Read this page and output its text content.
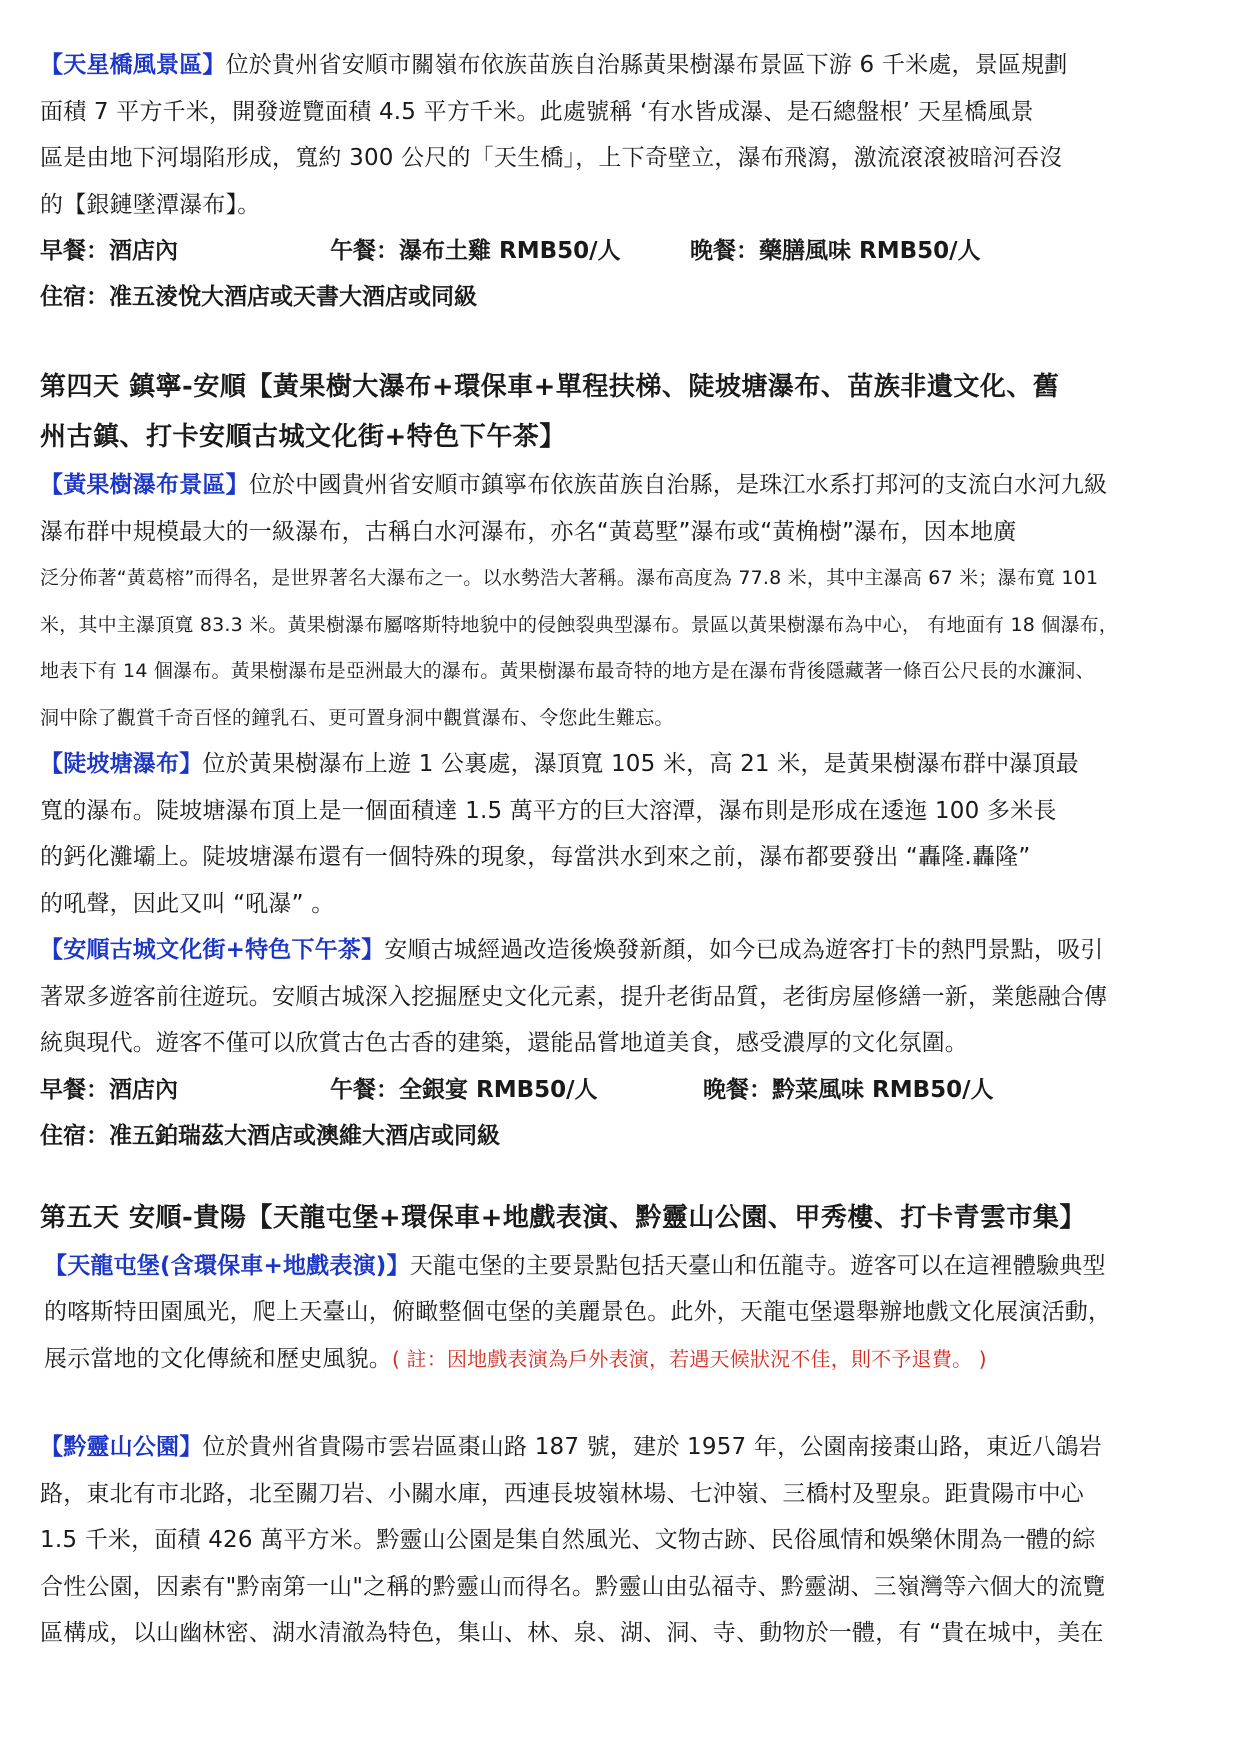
【天星橋風景區】位於貴州省安順市關嶺布依族苗族自治縣黃果樹瀑布景區下游 6 千米處，景區規劃
面積 7 平方千米，開發遊覽面積 4.5 平方千米。此處號稱 ‘有水皆成瀑、是石總盤根’ 天星橋風景
區是由地下河塌陷形成，寬約 300 公尺的「天生橋」，上下奇壁立，瀑布飛瀉，激流滾滾被暗河吞沒
的【銀鏈墜潭瀑布】。

早餐：酒店內	午餐：瀑布土雞 RMB50/人	晚餐：藥膳風味 RMB50/人

住宿：准五淩悅大酒店或天書大酒店或同級

第四天 鎮寧-安順【黃果樹大瀑布+環保車+單程扶梯、陡坡塘瀑布、苗族非遺文化、舊
州古鎮、打卡安順古城文化街+特色下午茶】

【黃果樹瀑布景區】位於中國貴州省安順市鎮寧布依族苗族自治縣，是珠江水系打邦河的支流白水河九級
瀑布群中規模最大的一級瀑布，古稱白水河瀑布，亦名“黃葛墅”瀑布或“黃桷樹”瀑布，因本地廣

泛分佈著“黃葛榕”而得名，是世界著名大瀑布之一。以水勢浩大著稱。瀑布高度為 77.8 米，其中主瀑高 67 米；瀑布寬 101
米，其中主瀑頂寬 83.3 米。黃果樹瀑布屬喀斯特地貌中的侵蝕裂典型瀑布。景區以黃果樹瀑布為中心， 有地面有 18 個瀑布，
地表下有 14 個瀑布。黃果樹瀑布是亞洲最大的瀑布。黃果樹瀑布最奇特的地方是在瀑布背後隱藏著一條百公尺長的水濂洞、
洞中除了觀賞千奇百怪的鐘乳石、更可置身洞中觀賞瀑布、令您此生難忘。

【陡坡塘瀑布】位於黃果樹瀑布上遊 1 公裏處，瀑頂寬 105 米，高 21 米，是黃果樹瀑布群中瀑頂最
寬的瀑布。陡坡塘瀑布頂上是一個面積達 1.5 萬平方的巨大溶潭，瀑布則是形成在逶迤 100 多米長
的鈣化灘壩上。陡坡塘瀑布還有一個特殊的現象，每當洪水到來之前，瀑布都要發出 “轟隆.轟隆”
的吼聲，因此又叫 “吼瀑” 。

【安順古城文化街+特色下午茶】安順古城經過改造後煥發新顏，如今已成為遊客打卡的熱門景點，吸引
著眾多遊客前往遊玩。安順古城深入挖掘歷史文化元素，提升老街品質，老街房屋修繕一新，業態融合傳
統與現代。遊客不僅可以欣賞古色古香的建築，還能品嘗地道美食，感受濃厚的文化氛圍。

早餐：酒店內	午餐：全銀宴 RMB50/人	晚餐：黔菜風味 RMB50/人

住宿：准五鉑瑞茲大酒店或澳維大酒店或同級

第五天 安順-貴陽【天龍屯堡+環保車+地戲表演、黔靈山公園、甲秀樓、打卡青雲市集】

【天龍屯堡(含環保車+地戲表演)】天龍屯堡的主要景點包括天臺山和伍龍寺。遊客可以在這裡體驗典型
的喀斯特田園風光，爬上天臺山，俯瞰整個屯堡的美麗景色。此外，天龍屯堡還舉辦地戲文化展演活動，
展示當地的文化傳統和歷史風貌。( 註：因地戲表演為戶外表演，若遇天候狀況不佳，則不予退費。 )

【黔靈山公園】位於貴州省貴陽市雲岩區棗山路 187 號，建於 1957 年，公園南接棗山路，東近八鴿岩
路，東北有市北路，北至關刀岩、小關水庫，西連長坡嶺林場、七沖嶺、三橋村及聖泉。距貴陽市中心
1.5 千米，面積 426 萬平方米。黔靈山公園是集自然風光、文物古跡、民俗風情和娛樂休閒為一體的綜
合性公園，因素有"黔南第一山"之稱的黔靈山而得名。黔靈山由弘福寺、黔靈湖、三嶺灣等六個大的流覽
區構成，以山幽林密、湖水清澈為特色，集山、林、泉、湖、洞、寺、動物於一體，有 “貴在城中，美在
